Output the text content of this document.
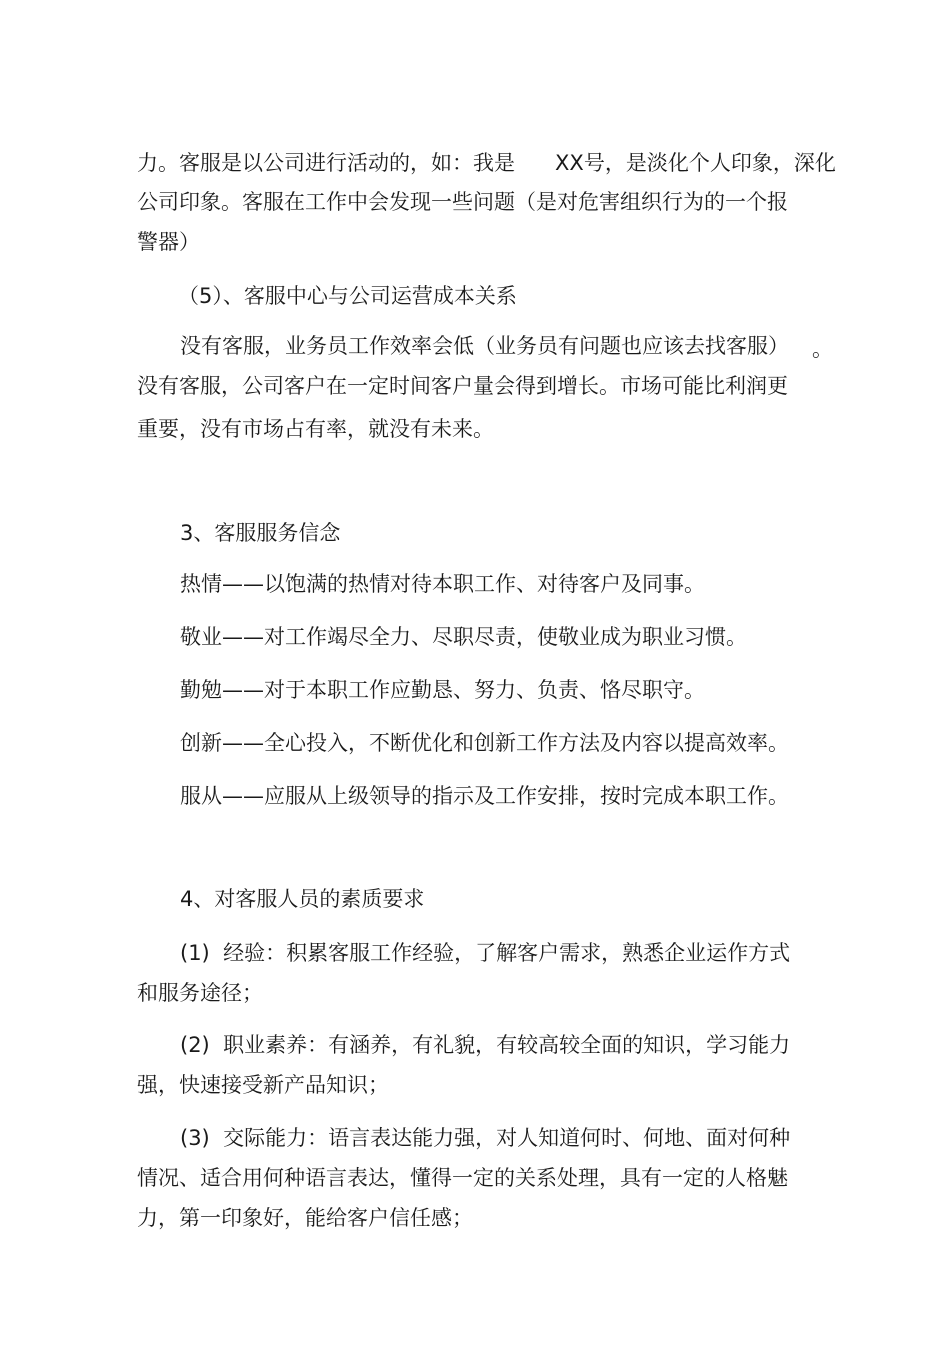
力。客服是以公司进行活动的，如：我是      XX号，是淡化个人印象，深化
公司印象。客服在工作中会发现一些问题（是对危害组织行为的一个报
警器）
（5）、客服中心与公司运营成本关系
没有客服，业务员工作效率会低（业务员有问题也应该去找客服） 。
没有客服，公司客户在一定时间客户量会得到增长。市场可能比利润更
重要，没有市场占有率，就没有未来。
3、客服服务信念
热情——以饱满的热情对待本职工作、对待客户及同事。
敬业——对工作竭尽全力、尽职尽责，使敬业成为职业习惯。
勤勉——对于本职工作应勤恳、努力、负责、恪尽职守。
创新——全心投入，不断优化和创新工作方法及内容以提高效率。
服从——应服从上级领导的指示及工作安排，按时完成本职工作。
4、对客服人员的素质要求
(1)  经验：积累客服工作经验，了解客户需求，熟悉企业运作方式
和服务途径；
(2)  职业素养：有涵养，有礼貌，有较高较全面的知识，学习能力
强，快速接受新产品知识；
(3)  交际能力：语言表达能力强，对人知道何时、何地、面对何种
情况、适合用何种语言表达，懂得一定的关系处理，具有一定的人格魅
力，第一印象好，能给客户信任感；
